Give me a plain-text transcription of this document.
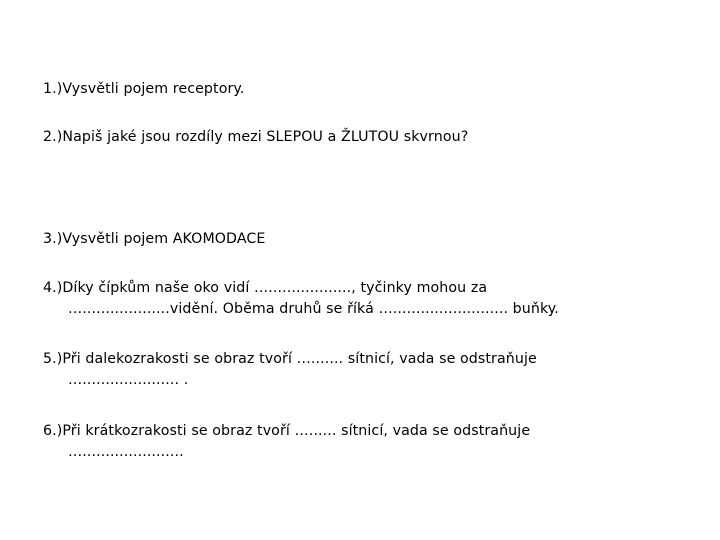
1.)Vysvětli pojem receptory.
2.)Napiš jaké jsou rozdíly mezi SLEPOU a ŽLUTOU skvrnou?
3.)Vysvětli pojem AKOMODACE
4.)Díky čípkům naše oko vidí ….................., tyčinky mohou za
…...................vidění. Oběma druhů se říká …......................... buňky.
5.)Při dalekozrakosti se obraz tvoří …....... sítnicí, vada se odstraňuje
…..................... .
6.)Při krátkozrakosti se obraz tvoří …...... sítnicí, vada se odstraňuje
…......................
